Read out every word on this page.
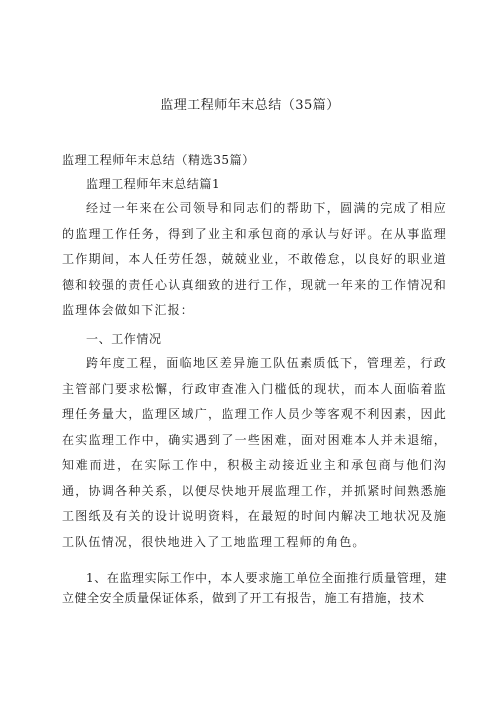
监理工程师年末总结（35篇）
监理工程师年末总结（精选35篇）
监理工程师年末总结篇1
经过一年来在公司领导和同志们的帮助下，圆满的完成了相应的监理工作任务，得到了业主和承包商的承认与好评。在从事监理工作期间，本人任劳任怨，兢兢业业，不敢倦怠，以良好的职业道德和较强的责任心认真细致的进行工作，现就一年来的工作情况和监理体会做如下汇报：
一、工作情况
跨年度工程，面临地区差异施工队伍素质低下，管理差，行政主管部门要求松懈，行政审查准入门槛低的现状，而本人面临着监理任务量大，监理区域广，监理工作人员少等客观不利因素，因此在实监理工作中，确实遇到了一些困难，面对困难本人并未退缩，知难而进，在实际工作中，积极主动接近业主和承包商与他们沟通，协调各种关系，以便尽快地开展监理工作，并抓紧时间熟悉施工图纸及有关的设计说明资料，在最短的时间内解决工地状况及施工队伍情况，很快地进入了工地监理工程师的角色。
1、在监理实际工作中，本人要求施工单位全面推行质量管理，建立健全安全质量保证体系，做到了开工有报告，施工有措施，技术
